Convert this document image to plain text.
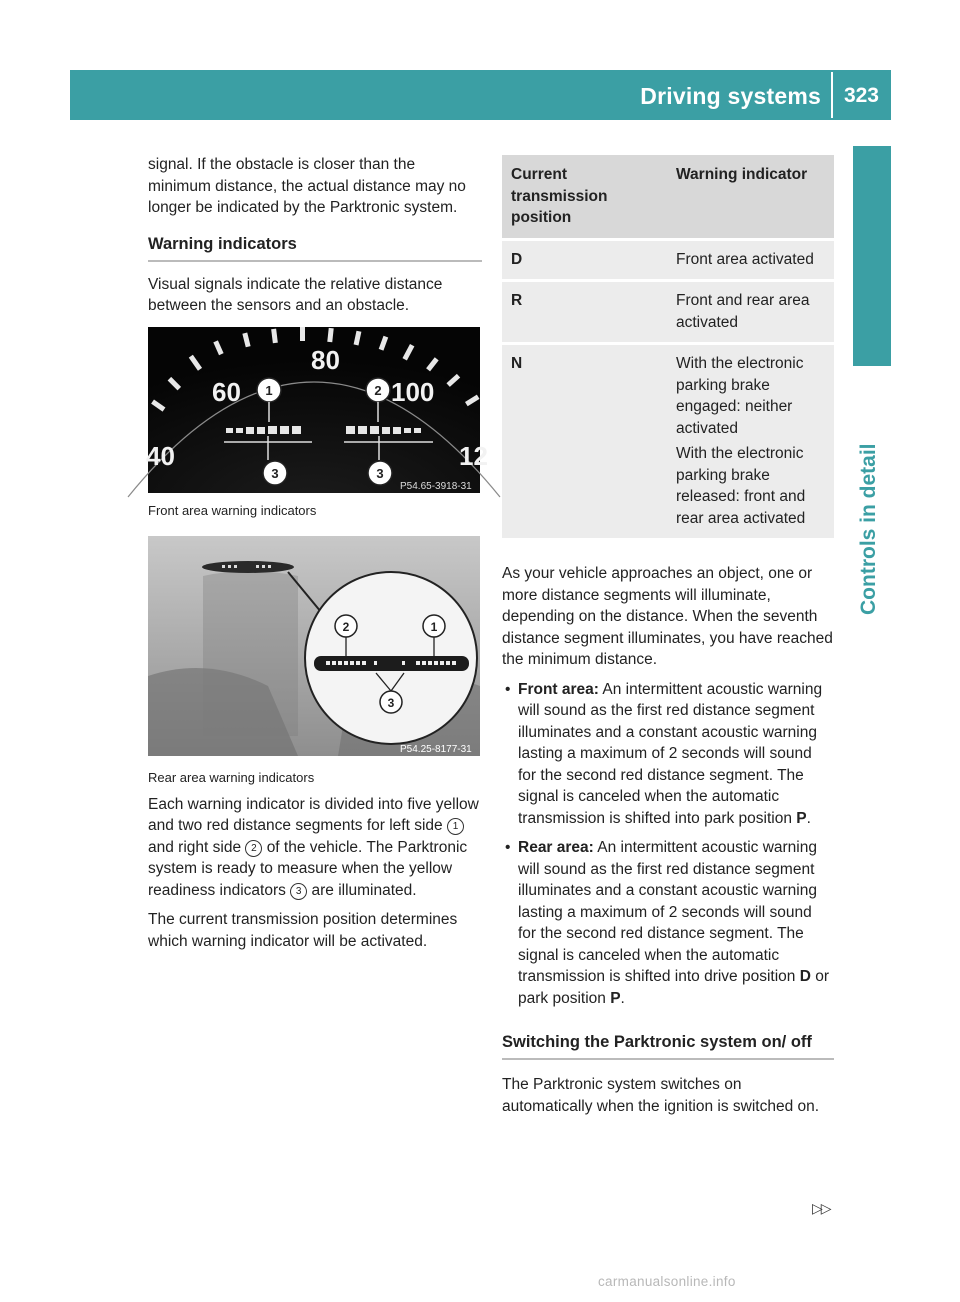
Driving systems 323
Controls in detail

signal. If the obstacle is closer than the minimum distance, the actual distance may no longer be indicated by the Parktronic system.

Warning indicators

Visual signals indicate the relative distance between the sensors and an obstacle.

40
60
80
100
12
1	2
3	3
P54.65-3918-31

Front area warning indicators

2	1
3
P54.25-8177-31

Rear area warning indicators

Each warning indicator is divided into five yellow and two red distance segments for left side 1 and right side 2 of the vehicle. The Parktronic system is ready to measure when the yellow readiness indicators 3 are illuminated.

The current transmission position determines which warning indicator will be activated.

Current transmission position	Warning indicator
D	Front area activated
R	Front and rear area activated
N	With the electronic parking brake engaged: neither activated
With the electronic parking brake released: front and rear area activated

As your vehicle approaches an object, one or more distance segments will illuminate, depending on the distance. When the seventh distance segment illuminates, you have reached the minimum distance.

• Front area: An intermittent acoustic warning will sound as the first red distance segment illuminates and a constant acoustic warning lasting a maximum of 2 seconds will sound for the second red distance segment. The signal is canceled when the automatic transmission is shifted into park position P.
• Rear area: An intermittent acoustic warning will sound as the first red distance segment illuminates and a constant acoustic warning lasting a maximum of 2 seconds will sound for the second red distance segment. The signal is canceled when the automatic transmission is shifted into drive position D or park position P.
Switching the Parktronic system on/ off

The Parktronic system switches on automatically when the ignition is switched on.

▷▷
carmanualsonline.info
